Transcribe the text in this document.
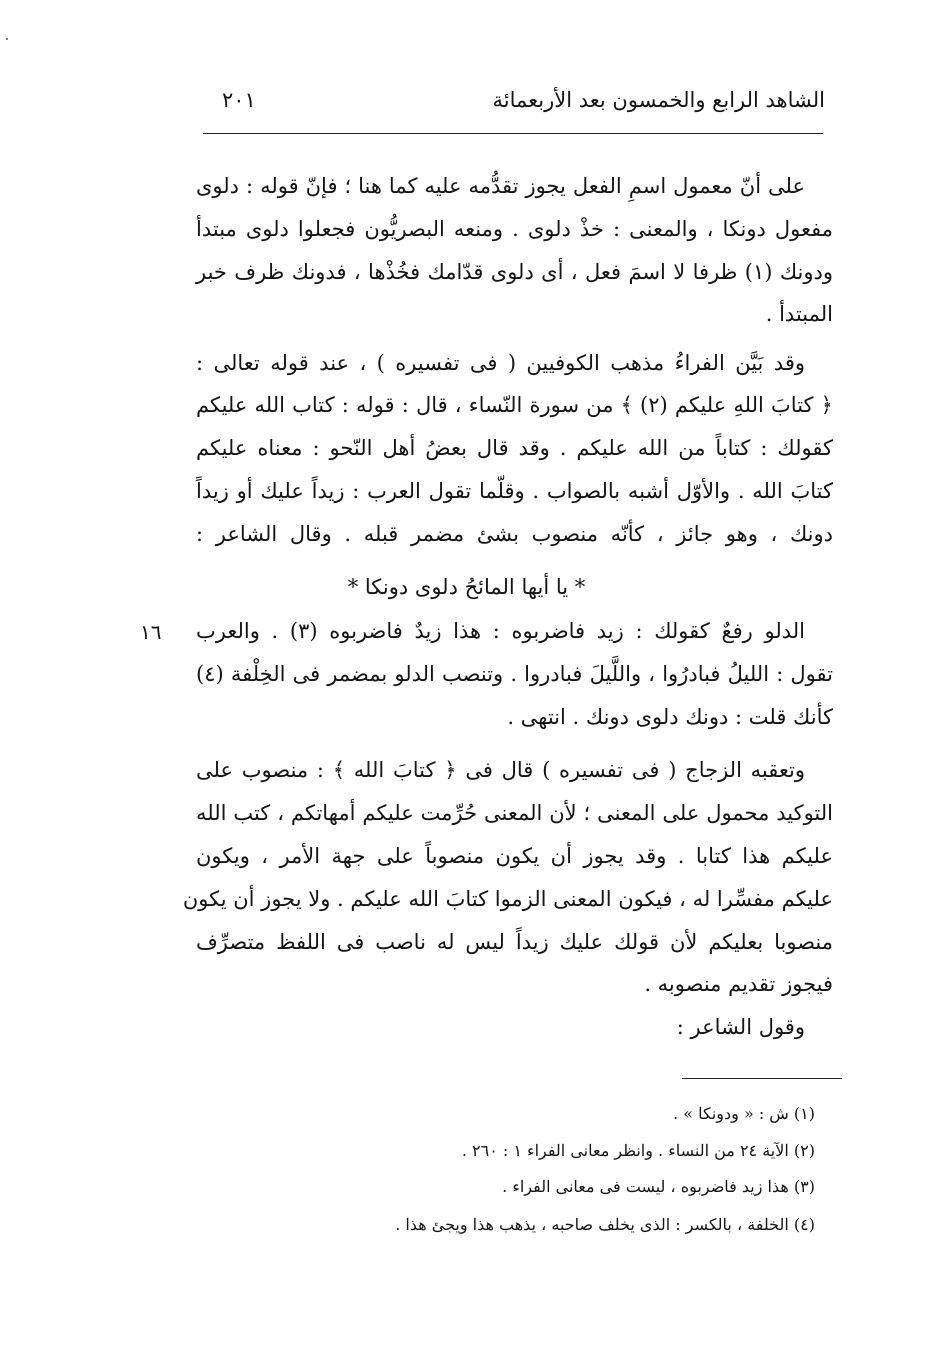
الشاهد الرابع والخمسون بعد الأربعمائة
٢٠١
على أنّ معمول اسمِ الفعل يجوز تقدُّمه عليه كما هنا ؛ فإنّ قوله : دلوى
مفعول دونكا ، والمعنى : خذْ دلوى . ومنعه البصريُّون فجعلوا دلوى مبتدأ
ودونك (١) ظرفا لا اسمَ فعل ، أى دلوى قدّامك فخُذْها ، فدونك ظرف خبر
المبتدأ .
وقد بَيَّن الفراءُ مذهب الكوفيين ( فى تفسيره ) ، عند قوله تعالى :
﴿ كتابَ اللهِ عليكم (٢) ﴾ من سورة النّساء ، قال : قوله : كتاب الله عليكم
كقولك : كتاباً من الله عليكم . وقد قال بعضُ أهل النّحو : معناه عليكم
كتابَ الله . والأوّل أشبه بالصواب . وقلّما تقول العرب : زيداً عليك أو زيداً
دونك ، وهو جائز ، كأنّه منصوب بشئ مضمر قبله . وقال الشاعر :
* يا أيها المائحُ دلوى دونكا *
الدلو رفعٌ كقولك : زيد فاضربوه : هذا زيدٌ فاضربوه (٣) . والعرب
تقول : الليلُ فبادرُوا ، واللَّيلَ فبادروا . وتنصب الدلو بمضمر فى الخِلْفة (٤)
كأنك قلت : دونك دلوى دونك . انتهى .
وتعقبه الزجاج ( فى تفسيره ) قال فى ﴿ كتابَ الله ﴾ : منصوب على
التوكيد محمول على المعنى ؛ لأن المعنى حُرِّمت عليكم أمهاتكم ، كتب الله
عليكم هذا كتابا . وقد يجوز أن يكون منصوباً على جهة الأمر ، ويكون
عليكم مفسِّرا له ، فيكون المعنى الزموا كتابَ الله عليكم . ولا يجوز أن يكون
منصوبا بعليكم لأن قولك عليك زيداً ليس له ناصب فى اللفظ متصرِّف
فيجوز تقديم منصوبه .
وقول الشاعر :
١٦
(١) ش : « ودونكا » .
(٢) الآية ٢٤ من النساء . وانظر معانى الفراء ١ : ٢٦٠ .
(٣) هذا زيد فاضربوه ، ليست فى معانى الفراء .
(٤) الخلفة ، بالكسر : الذى يخلف صاحبه ، يذهب هذا ويجئ هذا .
